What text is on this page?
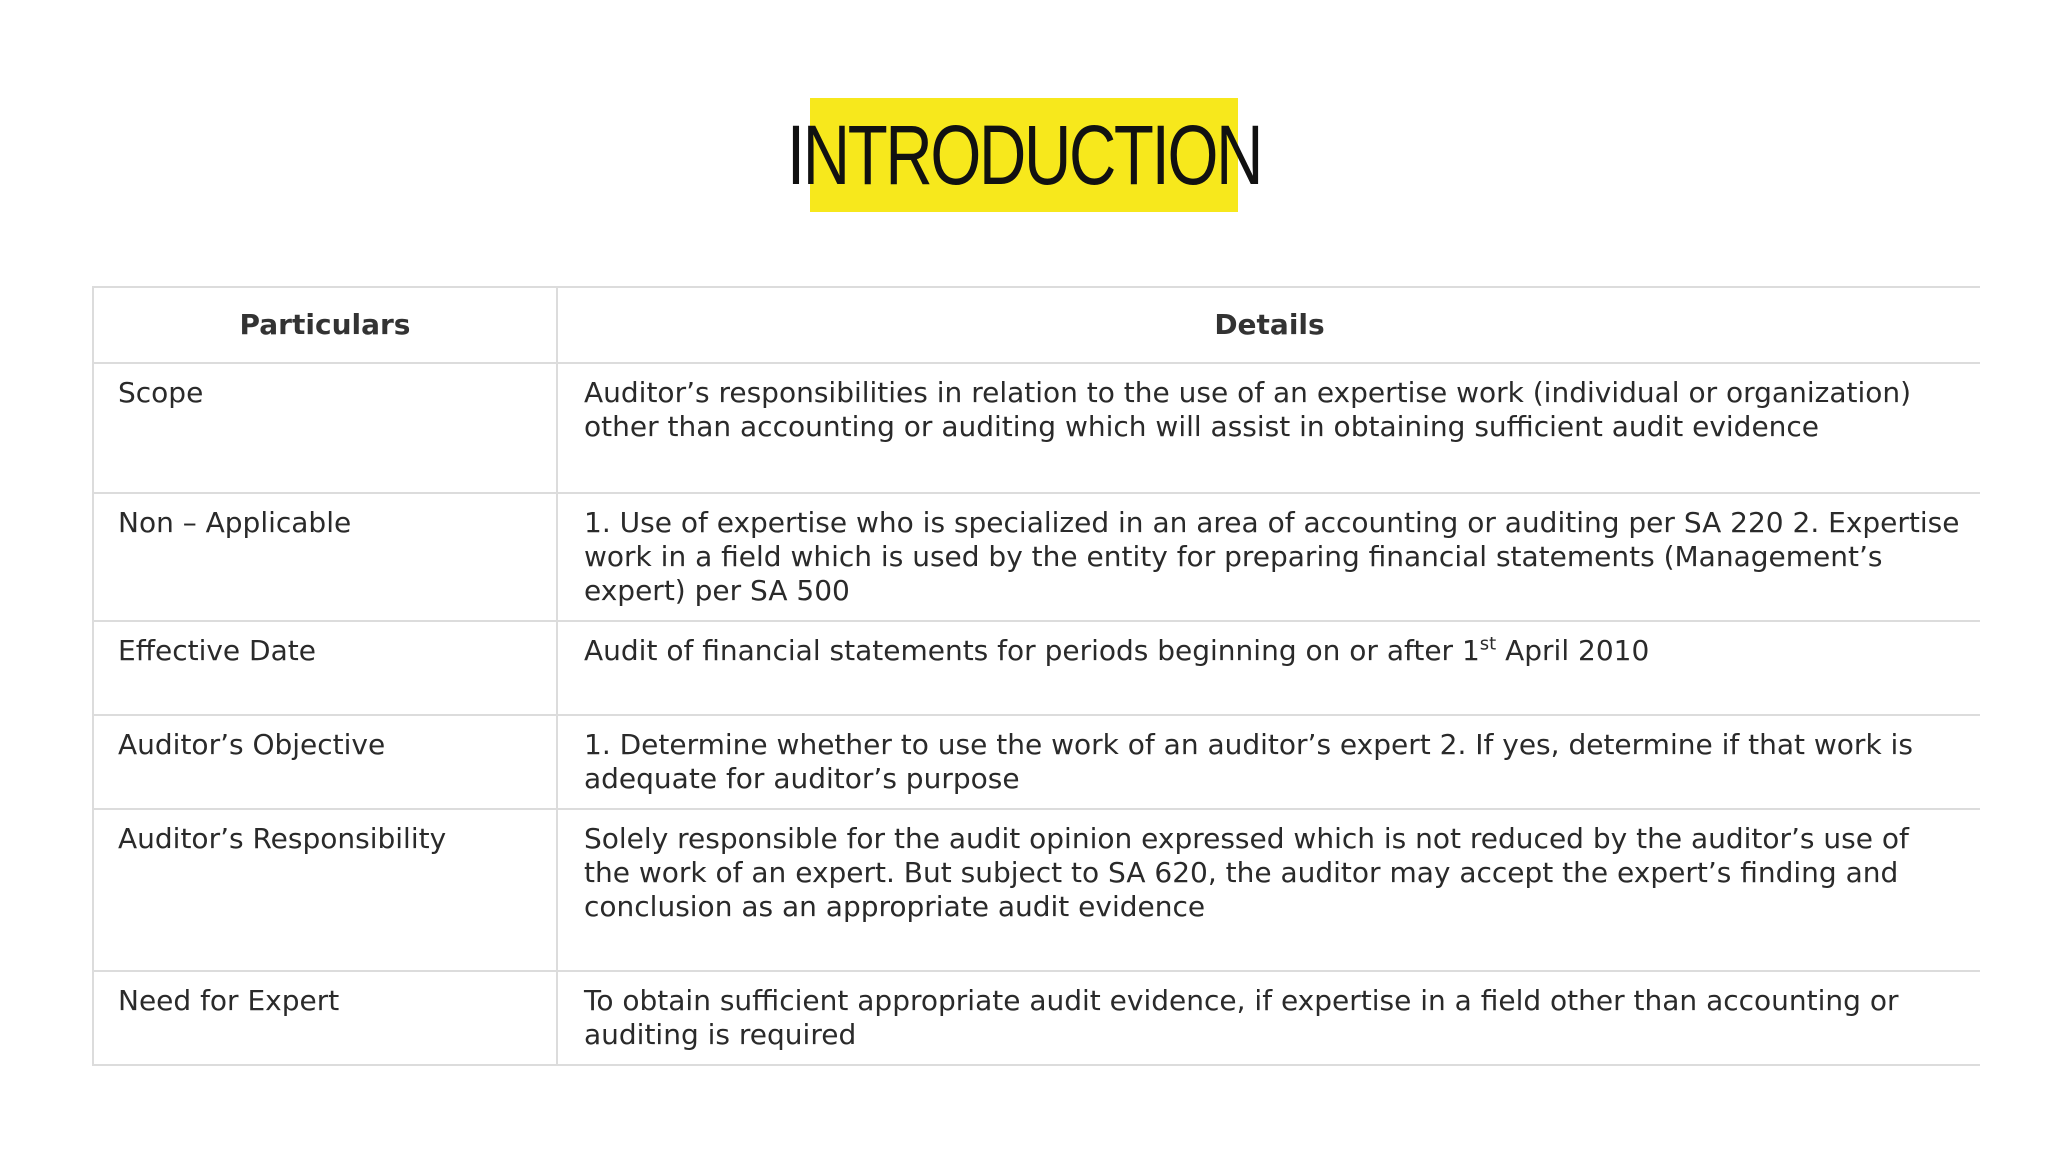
INTRODUCTION
Particulars	Details
Scope	Auditor’s responsibilities in relation to the use of an expertise work (individual or organization) other than accounting or auditing which will assist in obtaining sufficient audit evidence
Non – Applicable	1. Use of expertise who is specialized in an area of accounting or auditing per SA 220 2. Expertise work in a field which is used by the entity for preparing financial statements (Management’s expert) per SA 500
Effective Date	Audit of financial statements for periods beginning on or after 1st April 2010
Auditor’s Objective	1. Determine whether to use the work of an auditor’s expert 2. If yes, determine if that work is adequate for auditor’s purpose
Auditor’s Responsibility	Solely responsible for the audit opinion expressed which is not reduced by the auditor’s use of the work of an expert. But subject to SA 620, the auditor may accept the expert’s finding and conclusion as an appropriate audit evidence
Need for Expert	To obtain sufficient appropriate audit evidence, if expertise in a field other than accounting or auditing is required
